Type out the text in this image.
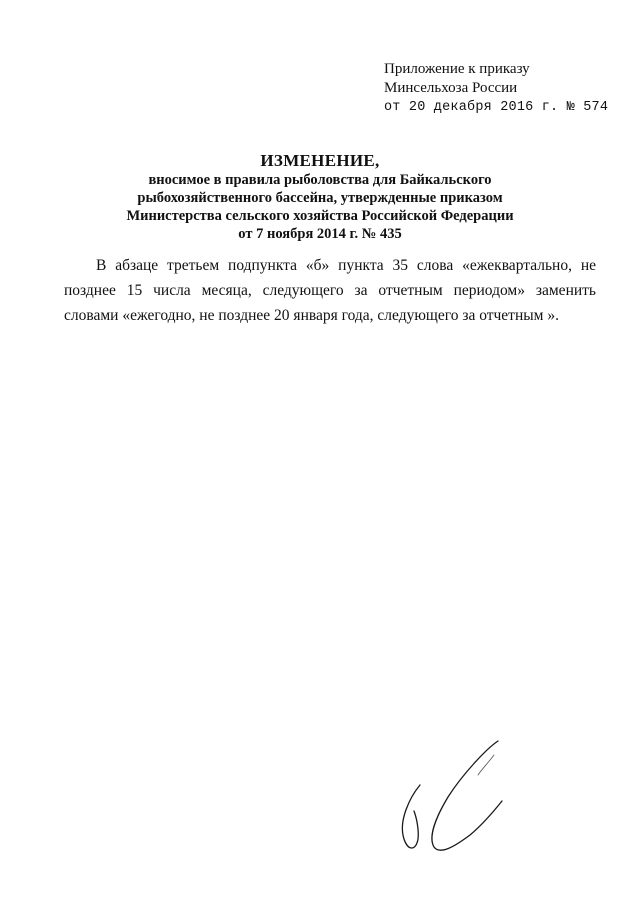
Приложение к приказу
Минсельхоза России
от 20 декабря 2016 г. № 574
ИЗМЕНЕНИЕ,
вносимое в правила рыболовства для Байкальского
рыбохозяйственного бассейна, утвержденные приказом
Министерства сельского хозяйства Российской Федерации
от 7 ноября 2014 г. № 435

В абзаце третьем подпункта «б» пункта 35 слова «ежеквартально, не позднее 15 числа месяца, следующего за отчетным периодом» заменить словами «ежегодно, не позднее 20 января года, следующего за отчетным ».
